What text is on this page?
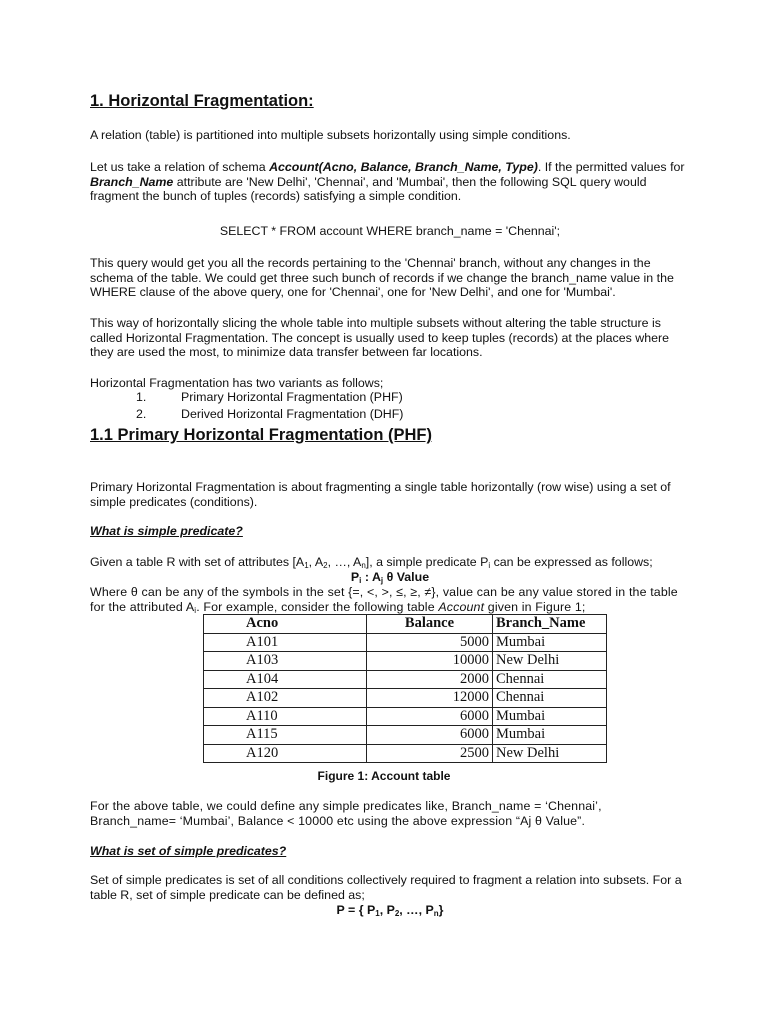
1. Horizontal Fragmentation:

A relation (table) is partitioned into multiple subsets horizontally using simple conditions.

Let us take a relation of schema Account(Acno, Balance, Branch_Name, Type). If the permitted values for Branch_Name attribute are 'New Delhi', 'Chennai', and 'Mumbai', then the following SQL query would fragment the bunch of tuples (records) satisfying a simple condition.

SELECT * FROM account WHERE branch_name = 'Chennai';

This query would get you all the records pertaining to the 'Chennai' branch, without any changes in the schema of the table. We could get three such bunch of records if we change the branch_name value in the WHERE clause of the above query, one for 'Chennai', one for 'New Delhi', and one for 'Mumbai'.

This way of horizontally slicing the whole table into multiple subsets without altering the table structure is called Horizontal Fragmentation. The concept is usually used to keep tuples (records) at the places where they are used the most, to minimize data transfer between far locations.

Horizontal Fragmentation has two variants as follows;

1.	Primary Horizontal Fragmentation (PHF)
2.	Derived Horizontal Fragmentation (DHF)
1.1 Primary Horizontal Fragmentation (PHF)

Primary Horizontal Fragmentation is about fragmenting a single table horizontally (row wise) using a set of simple predicates (conditions).

What is simple predicate?

Given a table R with set of attributes [$A_1$, $A_2$, …, $A_n$], a simple predicate $P_i$ can be expressed as follows;

$P_i$ : $A_j$ θ Value

Where θ can be any of the symbols in the set {=, <, >, ≤, ≥, ≠}, value can be any value stored in the table for the attributed $A_i$. For example, consider the following table Account given in Figure 1;

Acno	Balance	Branch_Name
A101	5000	Mumbai
A103	10000	New Delhi
A104	2000	Chennai
A102	12000	Chennai
A110	6000	Mumbai
A115	6000	Mumbai
A120	2500	New Delhi
Figure 1: Account table

For the above table, we could define any simple predicates like, Branch_name = ‘Chennai’, Branch_name= ‘Mumbai’, Balance < 10000 etc using the above expression “Aj θ Value”.

What is set of simple predicates?

Set of simple predicates is set of all conditions collectively required to fragment a relation into subsets. For a table R, set of simple predicate can be defined as;

P = { $P_1$, $P_2$, …, $P_n$}
